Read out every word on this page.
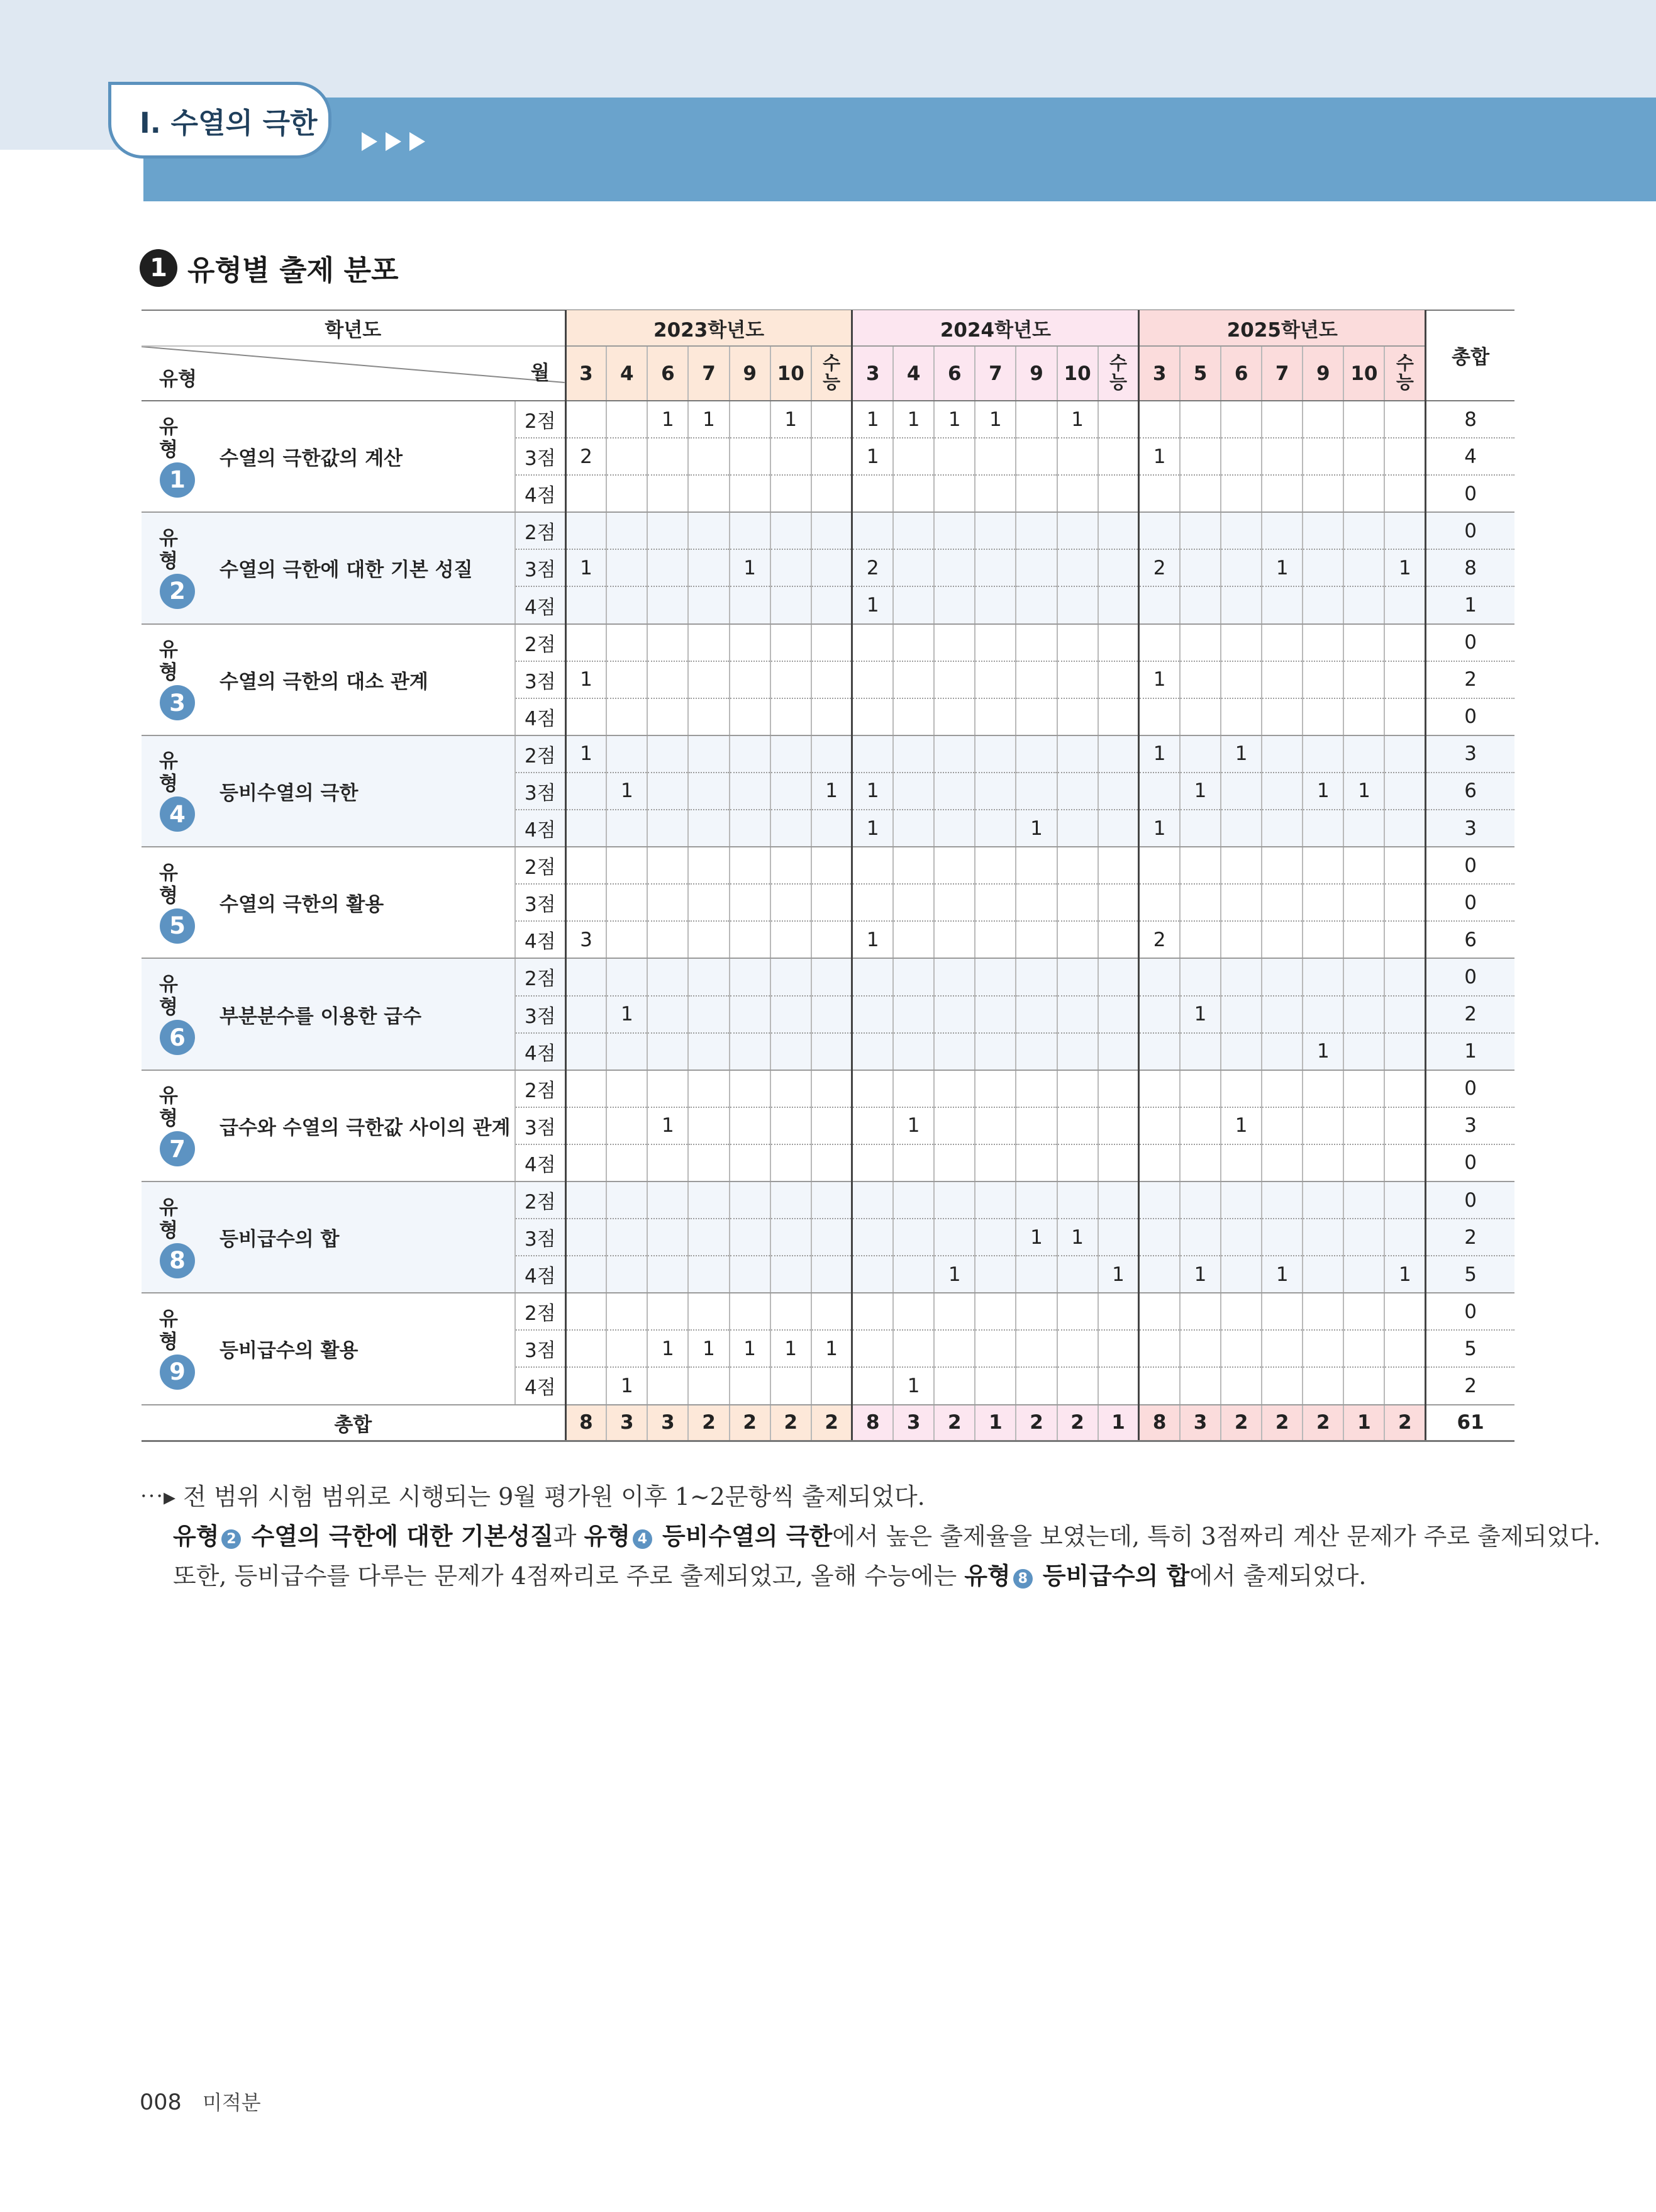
Ⅰ. 수열의 극한
1 유형별 출제 분포
학년도		2023학년도							2024학년도							2025학년도							총합

유형 월		3	4	6	7	9	10	수능	3	4	6	7	9	10	수능	3	5	6	7	9	10	수능	

유형
1
수열의 극한값의 계산	2점			1	1		1		1	1	1	1		1									8
	3점	2							1							1							4
	4점																						0

유형
2
수열의 극한에 대한 기본 성질	2점																						0
	3점	1				1			2							2			1			1	8
	4점								1														1

유형
3
수열의 극한의 대소 관계	2점																						0
	3점	1														1							2
	4점																						0

유형
4
등비수열의 극한	2점	1														1		1					3
	3점		1					1	1								1			1	1		6
	4점								1				1			1							3

유형
5
수열의 극한의 활용	2점																						0
	3점																						0
	4점	3							1							2							6

유형
6
부분분수를 이용한 급수	2점																						0
	3점		1														1						2
	4점																			1			1

유형
7
급수와 수열의 극한값 사이의 관계	2점																						0
	3점			1						1								1					3
	4점																						0

유형
8
등비급수의 합	2점																						0
	3점												1	1									2
	4점										1				1		1		1			1	5

유형
9
등비급수의 활용	2점																						0
	3점			1	1	1	1	1															5
	4점		1							1													2
총합		8	3	3	2	2	2	2	8	3	2	1	2	2	1	8	3	2	2	2	1	2	61
⋯▸ 전 범위 시험 범위로 시행되는 9월 평가원 이후 1∼2문항씩 출제되었다.
유형 2 수열의 극한에 대한 기본성질과 유형 4 등비수열의 극한에서 높은 출제율을 보였는데, 특히 3점짜리 계산 문제가 주로 출제되었다.
또한, 등비급수를 다루는 문제가 4점짜리로 주로 출제되었고, 올해 수능에는 유형 8 등비급수의 합에서 출제되었다.
008 미적분
